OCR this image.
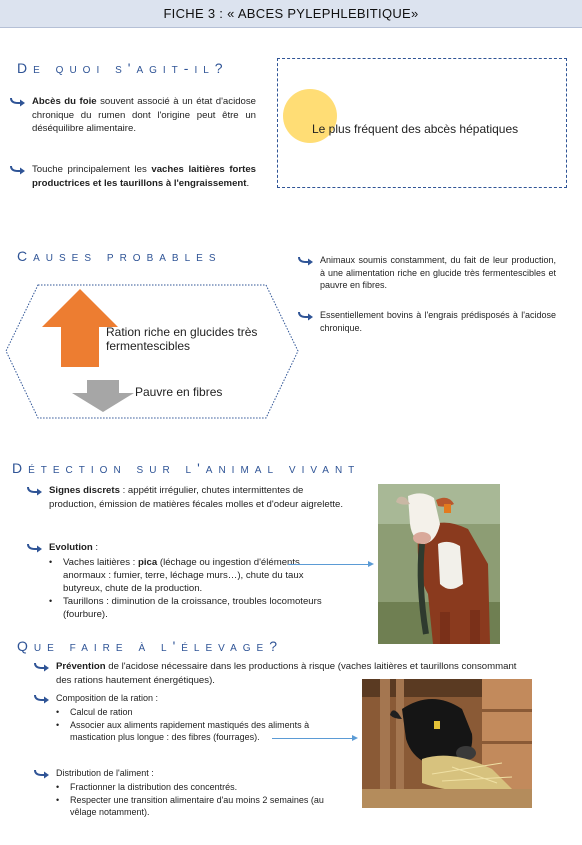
FICHE 3 : « ABCES PYLEPHLEBITIQUE»
De quoi s'agit-il?
Abcès du foie souvent associé à un état d'acidose chronique du rumen dont l'origine peut être un déséquilibre alimentaire.
Touche principalement les vaches laitières fortes productrices et les taurillons à l'engraissement.
Le plus fréquent des abcès hépatiques
Causes probables
Ration riche en glucides très fermentescibles
Pauvre en fibres
Animaux soumis constamment, du fait de leur production, à une alimentation riche en glucide très fermentescibles et pauvre en fibres.
Essentiellement bovins à l'engrais prédisposés à l'acidose chronique.
Détection sur l'animal vivant
Signes discrets : appétit irrégulier, chutes intermittentes de production, émission de matières fécales molles et d'odeur aigrelette.
Evolution :
•	Vaches laitières : pica (léchage ou ingestion d'éléments anormaux : fumier, terre, léchage murs…), chute du taux butyreux, chute de la production.
•	Taurillons : diminution de la croissance, troubles locomoteurs (fourbure).
Que faire à l'élevage?
Prévention de l'acidose nécessaire dans les productions à risque (vaches laitières et taurillons consommant des rations hautement énergétiques).
Composition de la ration :
•	Calcul de ration
•	Associer aux aliments rapidement mastiqués des aliments à mastication plus longue : des fibres (fourrages).
Distribution de l'aliment :
•	Fractionner la distribution des concentrés.
•	Respecter une transition alimentaire d'au moins 2 semaines (au vêlage notamment).
